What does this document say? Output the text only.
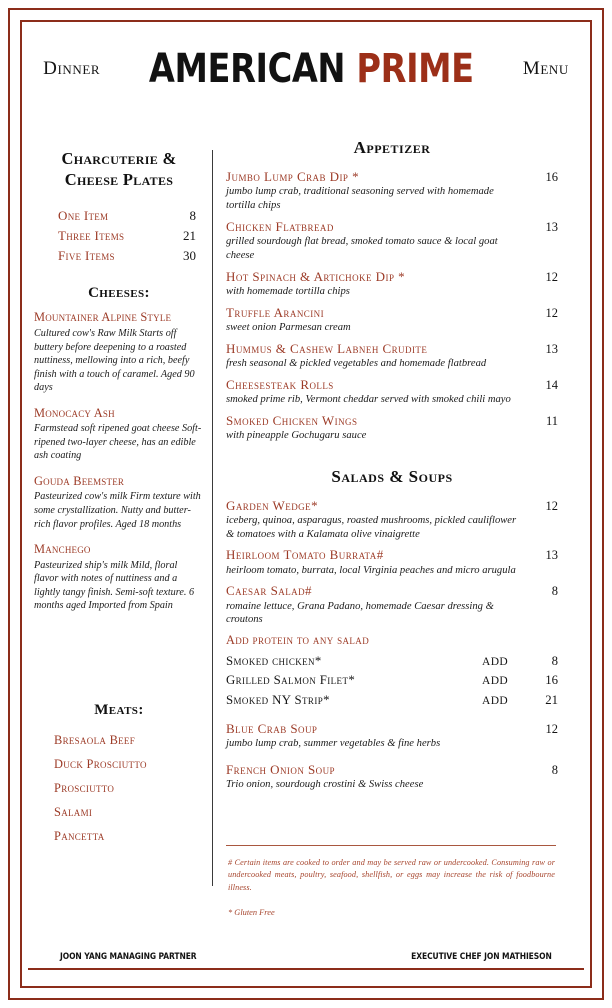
Dinner AMERICAN PRIME	Menu
Charcuterie &
Cheese Plates
One Item	8
Three Items	21
Five Items	30
Cheeses:
Mountainer Alpine Style
Cultured cow's Raw Milk Starts off buttery before deepening to a roasted nuttiness, mellowing into a rich, beefy finish with a touch of caramel. Aged 90 days
Monocacy Ash
Farmstead soft ripened goat cheese Soft-ripened two-layer cheese, has an edible ash coating
Gouda Beemster
Pasteurized cow's milk Firm texture with some crystallization. Nutty and butter-rich flavor profiles. Aged 18 months
Manchego
Pasteurized ship's milk Mild, floral flavor with notes of nuttiness and a lightly tangy finish. Semi-soft texture. 6 months aged Imported from Spain
Meats:
Bresaola Beef
Duck Prosciutto
Prosciutto
Salami
Pancetta
Appetizer
Jumbo Lump Crab Dip *	16
jumbo lump crab, traditional seasoning served with homemade tortilla chips
Chicken Flatbread	13
grilled sourdough flat bread, smoked tomato sauce & local goat cheese
Hot Spinach & Artichoke Dip *	12
with homemade tortilla chips
Truffle Arancini	12
sweet onion Parmesan cream
Hummus & Cashew Labneh Crudite	13
fresh seasonal & pickled vegetables and homemade flatbread
Cheesesteak Rolls	14
smoked prime rib, Vermont cheddar served with smoked chili mayo
Smoked Chicken Wings	11
with pineapple Gochugaru sauce
Salads & Soups
Garden Wedge*	12
iceberg, quinoa, asparagus, roasted mushrooms, pickled cauliflower & tomatoes with a Kalamata olive vinaigrette
Heirloom Tomato Burrata#	13
heirloom tomato, burrata, local Virginia peaches and micro arugula
Caesar Salad#	8
romaine lettuce, Grana Padano, homemade Caesar dressing & croutons
Add protein to any salad
Smoked chicken*	ADD	8
Grilled Salmon Filet*	ADD	16
Smoked NY Strip*	ADD	21
Blue Crab Soup	12
jumbo lump crab, summer vegetables & fine herbs
French Onion Soup	8
Trio onion, sourdough crostini & Swiss cheese
# Certain items are cooked to order and may be served raw or undercooked. Consuming raw or undercooked meats, poultry, seafood, shellfish, or eggs may increase the risk of foodbourne illness.
* Gluten Free
JOON YANG MANAGING PARTNER	EXECUTIVE CHEF JON MATHIESON
